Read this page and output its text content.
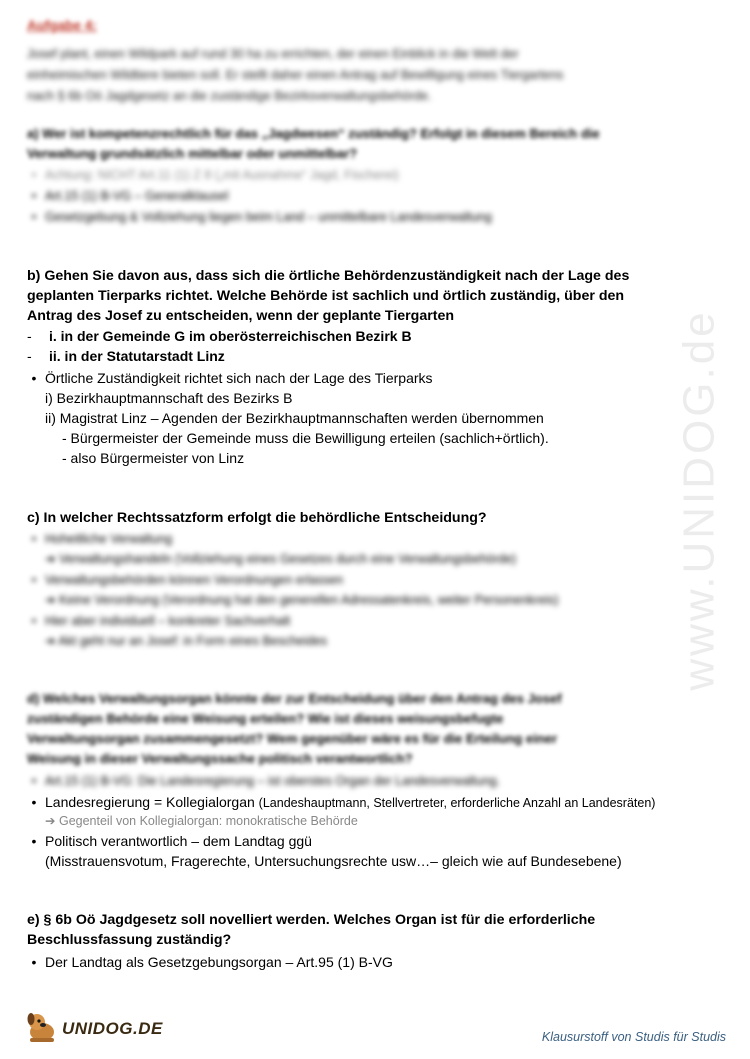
www.UNIDOG.de
Aufgabe 4:
Josef plant, einen Wildpark auf rund 30 ha zu errichten, der einen Einblick in die Welt der
einheimischen Wildtiere bieten soll. Er stellt daher einen Antrag auf Bewilligung eines Tiergartens
nach § 6b Oö Jagdgesetz an die zuständige Bezirksverwaltungsbehörde.
a) Wer ist kompetenzrechtlich für das „Jagdwesen“ zuständig? Erfolgt in diesem Bereich die
Verwaltung grundsätzlich mittelbar oder unmittelbar?
• Achtung: NICHT Art.11 (1) Z 8 („mit Ausnahme“ Jagd, Fischerei)
• Art.15 (1) B-VG – Generalklausel
• Gesetzgebung & Vollziehung liegen beim Land – unmittelbare Landesverwaltung
b) Gehen Sie davon aus, dass sich die örtliche Behördenzuständigkeit nach der Lage des
geplanten Tierparks richtet. Welche Behörde ist sachlich und örtlich zuständig, über den
Antrag des Josef zu entscheiden, wenn der geplante Tiergarten
- i. in der Gemeinde G im oberösterreichischen Bezirk B
- ii. in der Statutarstadt Linz
• Örtliche Zuständigkeit richtet sich nach der Lage des Tierparks
i) Bezirkhauptmannschaft des Bezirks B
ii) Magistrat Linz – Agenden der Bezirkhauptmannschaften werden übernommen
- Bürgermeister der Gemeinde muss die Bewilligung erteilen (sachlich+örtlich).
- also Bürgermeister von Linz
c) In welcher Rechtssatzform erfolgt die behördliche Entscheidung?
• Hoheitliche Verwaltung
➔ Verwaltungshandeln (Vollziehung eines Gesetzes durch eine Verwaltungsbehörde)
• Verwaltungsbehörden können Verordnungen erlassen
➔ Keine Verordnung (Verordnung hat den generellen Adressatenkreis, weiter Personenkreis)
• Hier aber individuell – konkreter Sachverhalt
➔ Akt geht nur an Josef: in Form eines Bescheides
d) Welches Verwaltungsorgan könnte der zur Entscheidung über den Antrag des Josef
zuständigen Behörde eine Weisung erteilen? Wie ist dieses weisungsbefugte
Verwaltungsorgan zusammengesetzt? Wem gegenüber wäre es für die Erteilung einer
Weisung in dieser Verwaltungssache politisch verantwortlich?
• Art.15 (1) B-VG: Die Landesregierung – ist oberstes Organ der Landesverwaltung.
• Landesregierung = Kollegialorgan (Landeshauptmann, Stellvertreter, erforderliche Anzahl an Landesräten)
➔ Gegenteil von Kollegialorgan: monokratische Behörde
• Politisch verantwortlich – dem Landtag ggü
(Misstrauensvotum, Fragerechte, Untersuchungsrechte usw…– gleich wie auf Bundesebene)
e) § 6b Oö Jagdgesetz soll novelliert werden. Welches Organ ist für die erforderliche
Beschlussfassung zuständig?
• Der Landtag als Gesetzgebungsorgan – Art.95 (1) B-VG
UNIDOG.DE	Klausurstoff von Studis für Studis
